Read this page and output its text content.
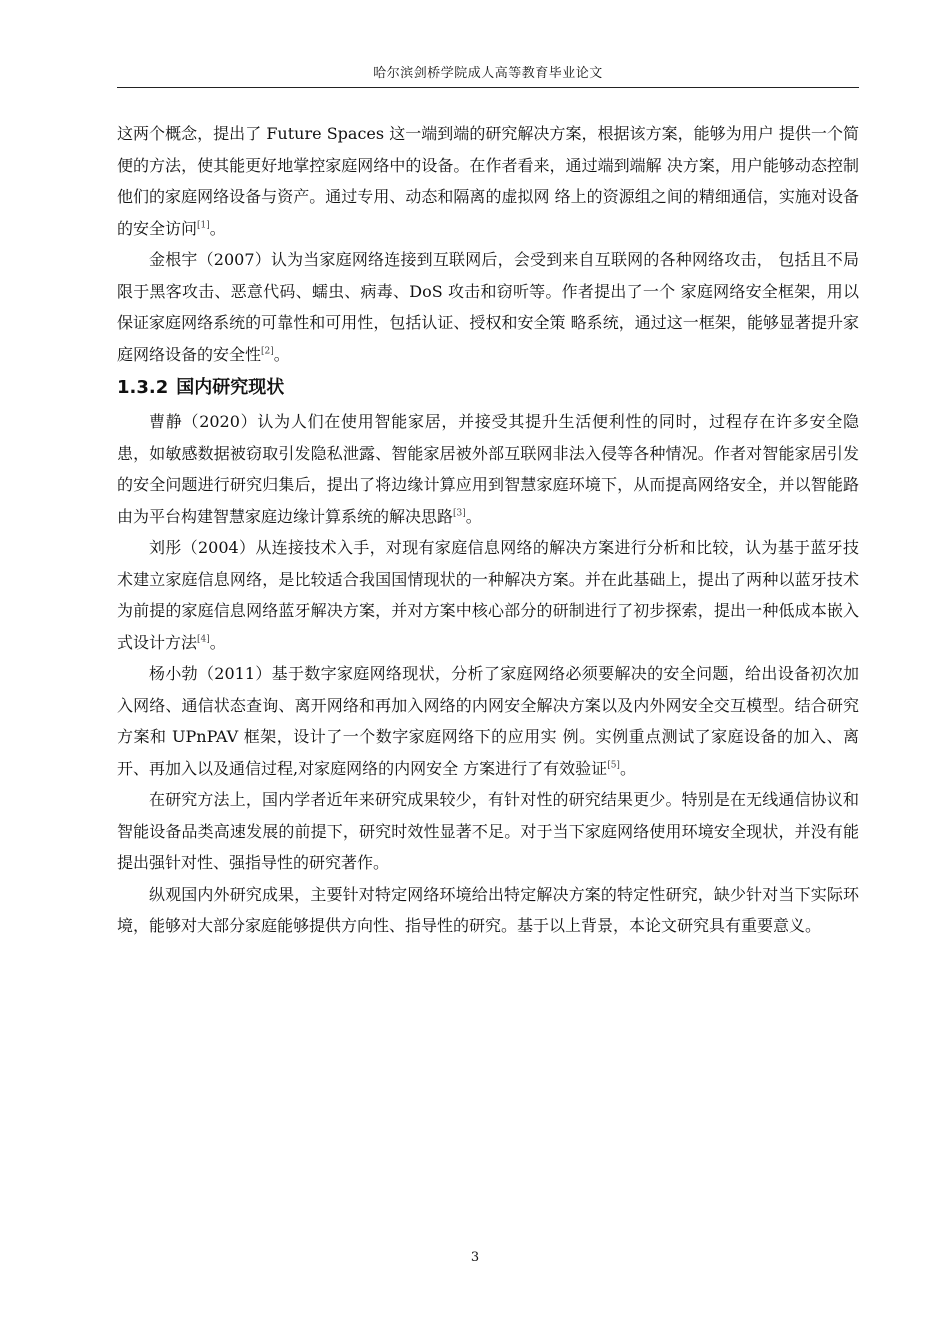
哈尔滨剑桥学院成人高等教育毕业论文

这两个概念，提出了 Future Spaces 这一端到端的研究解决方案，根据该方案，能够为用户 提供一个简便的方法，使其能更好地掌控家庭网络中的设备。在作者看来，通过端到端解 决方案，用户能够动态控制他们的家庭网络设备与资产。通过专用、动态和隔离的虚拟网 络上的资源组之间的精细通信，实施对设备的安全访问[1]。

金根宇（2007）认为当家庭网络连接到互联网后，会受到来自互联网的各种网络攻击， 包括且不局限于黑客攻击、恶意代码、蠕虫、病毒、DoS 攻击和窃听等。作者提出了一个 家庭网络安全框架，用以保证家庭网络系统的可靠性和可用性，包括认证、授权和安全策 略系统，通过这一框架，能够显著提升家庭网络设备的安全性[2]。

1.3.2 国内研究现状

曹静（2020）认为人们在使用智能家居，并接受其提升生活便利性的同时，过程存在许多安全隐患，如敏感数据被窃取引发隐私泄露、智能家居被外部互联网非法入侵等各种情况。作者对智能家居引发的安全问题进行研究归集后，提出了将边缘计算应用到智慧家庭环境下，从而提高网络安全，并以智能路由为平台构建智慧家庭边缘计算系统的解决思路[3]。

刘彤（2004）从连接技术入手，对现有家庭信息网络的解决方案进行分析和比较，认为基于蓝牙技术建立家庭信息网络，是比较适合我国国情现状的一种解决方案。并在此基础上，提出了两种以蓝牙技术为前提的家庭信息网络蓝牙解决方案，并对方案中核心部分的研制进行了初步探索，提出一种低成本嵌入式设计方法[4]。

杨小勃（2011）基于数字家庭网络现状，分析了家庭网络必须要解决的安全问题，给出设备初次加入网络、通信状态查询、离开网络和再加入网络的内网安全解决方案以及内外网安全交互模型。结合研究方案和 UPnPAV 框架，设计了一个数字家庭网络下的应用实 例。实例重点测试了家庭设备的加入、离开、再加入以及通信过程,对家庭网络的内网安全 方案进行了有效验证[5]。

在研究方法上，国内学者近年来研究成果较少，有针对性的研究结果更少。特别是在无线通信协议和智能设备品类高速发展的前提下，研究时效性显著不足。对于当下家庭网络使用环境安全现状，并没有能提出强针对性、强指导性的研究著作。

纵观国内外研究成果，主要针对特定网络环境给出特定解决方案的特定性研究，缺少针对当下实际环境，能够对大部分家庭能够提供方向性、指导性的研究。基于以上背景，本论文研究具有重要意义。

3
